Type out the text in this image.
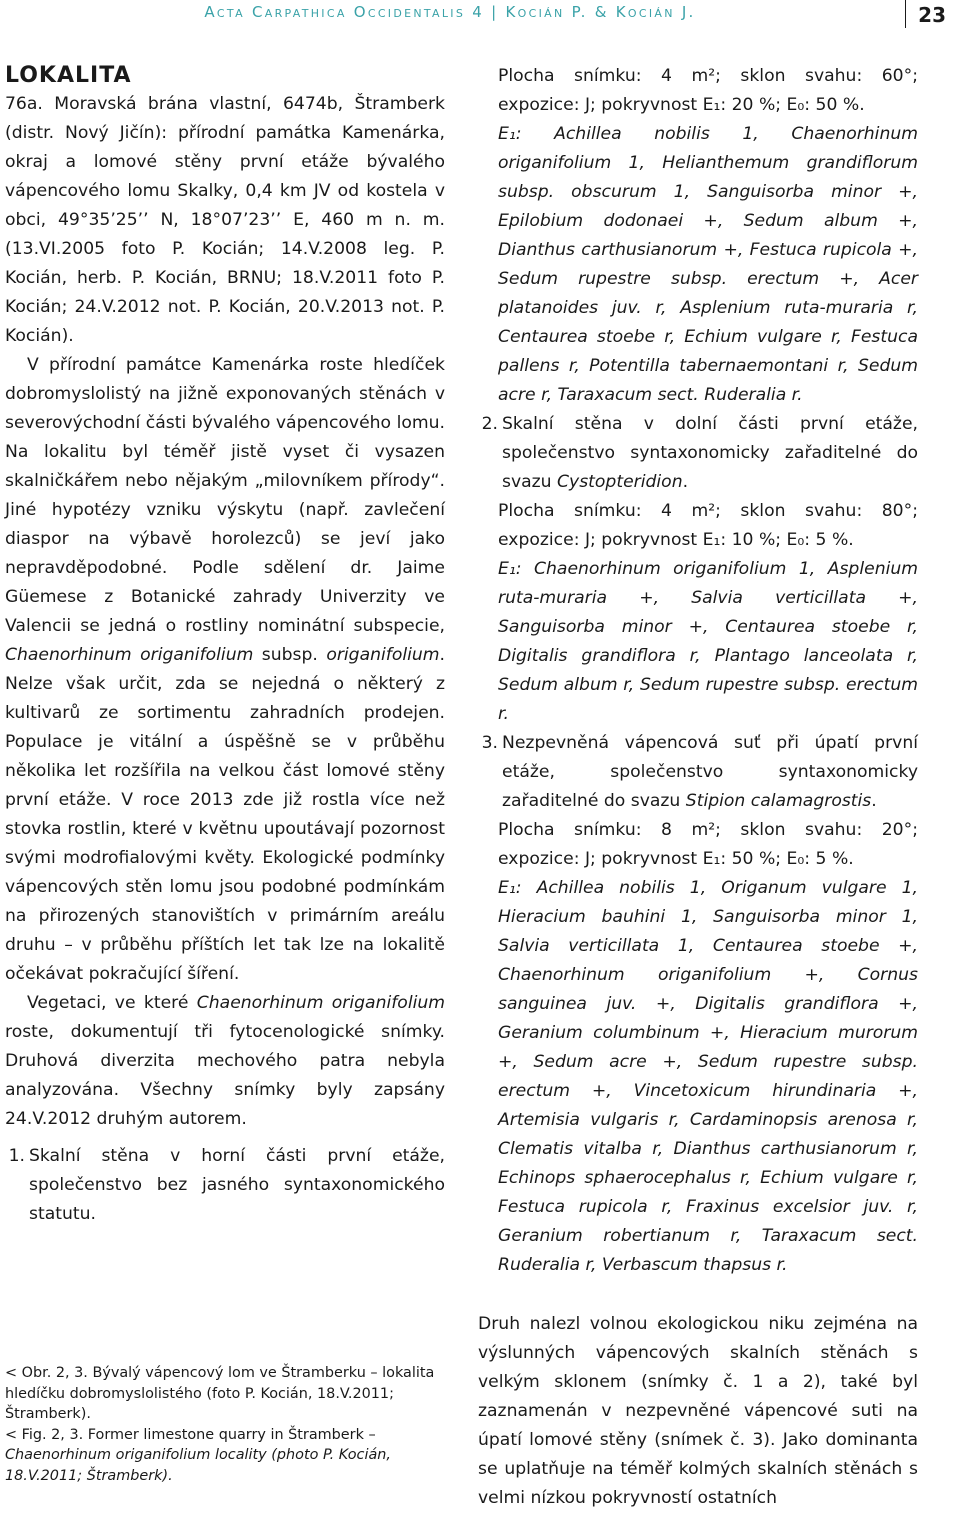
Acta Carpathica Occidentalis 4 | Kocián P. & Kocián J.	23
LOKALITA

76a. Moravská brána vlastní, 6474b, Štramberk (distr. Nový Jičín): přírodní památka Kamenárka, okraj a lomové stěny první etáže bývalého vápencového lomu Skalky, 0,4 km JV od kostela v obci, 49°35’25’’ N, 18°07’23’’ E, 460 m n. m. (13.VI.2005 foto P. Kocián; 14.V.2008 leg. P. Kocián, herb. P. Kocián, BRNU; 18.V.2011 foto P. Kocián; 24.V.2012 not. P. Kocián, 20.V.2013 not. P. Kocián).

V přírodní památce Kamenárka roste hledíček dobromyslolistý na jižně exponovaných stěnách v severovýchodní části bývalého vápencového lomu. Na lokalitu byl téměř jistě vyset či vysazen skalničkářem nebo nějakým „milovníkem přírody“. Jiné hypotézy vzniku výskytu (např. zavlečení diaspor na výbavě horolezců) se jeví jako nepravděpodobné. Podle sdělení dr. Jaime Güemese z Botanické zahrady Univerzity ve Valencii se jedná o rostliny nominátní subspecie, Chaenorhinum origanifolium subsp. origanifolium. Nelze však určit, zda se nejedná o některý z kultivarů ze sortimentu zahradních prodejen. Populace je vitální a úspěšně se v průběhu několika let rozšířila na velkou část lomové stěny první etáže. V roce 2013 zde již rostla více než stovka rostlin, které v květnu upoutávají pozornost svými modrofialovými květy. Ekologické podmínky vápencových stěn lomu jsou podobné podmínkám na přirozených stanovištích v primárním areálu druhu – v průběhu příštích let tak lze na lokalitě očekávat pokračující šíření.

Vegetaci, ve které Chaenorhinum origanifolium roste, dokumentují tři fytocenologické snímky. Druhová diverzita mechového patra nebyla analyzována. Všechny snímky byly zapsány 24.V.2012 druhým autorem.

1. Skalní stěna v horní části první etáže, společenstvo bez jasného syntaxonomického statutu.

< Obr. 2, 3. Bývalý vápencový lom ve Štramberku – lokalita hledíčku dobromyslolistého (foto P. Kocián, 18.V.2011; Štramberk).

< Fig. 2, 3. Former limestone quarry in Štramberk – Chaenorhinum origanifolium locality (photo P. Kocián, 18.V.2011; Štramberk).

Plocha snímku: 4 m²; sklon svahu: 60°; expozice: J; pokryvnost E₁: 20 %; E₀: 50 %.

E₁: Achillea nobilis 1, Chaenorhinum origanifolium 1, Helianthemum grandiflorum subsp. obscurum 1, Sanguisorba minor +, Epilobium dodonaei +, Sedum album +, Dianthus carthusianorum +, Festuca rupicola +, Sedum rupestre subsp. erectum +, Acer platanoides juv. r, Asplenium ruta-muraria r, Centaurea stoebe r, Echium vulgare r, Festuca pallens r, Potentilla tabernaemontani r, Sedum acre r, Taraxacum sect. Ruderalia r.

2. Skalní stěna v dolní části první etáže, společenstvo syntaxonomicky zařaditelné do svazu Cystopteridion.

Plocha snímku: 4 m²; sklon svahu: 80°; expozice: J; pokryvnost E₁: 10 %; E₀: 5 %.

E₁: Chaenorhinum origanifolium 1, Asplenium ruta-muraria +, Salvia verticillata +, Sanguisorba minor +, Centaurea stoebe r, Digitalis grandiflora r, Plantago lanceolata r, Sedum album r, Sedum rupestre subsp. erectum r.

3. Nezpevněná vápencová suť při úpatí první etáže, společenstvo syntaxonomicky zařaditelné do svazu Stipion calamagrostis.

Plocha snímku: 8 m²; sklon svahu: 20°; expozice: J; pokryvnost E₁: 50 %; E₀: 5 %.

E₁: Achillea nobilis 1, Origanum vulgare 1, Hieracium bauhini 1, Sanguisorba minor 1, Salvia verticillata 1, Centaurea stoebe +, Chaenorhinum origanifolium +, Cornus sanguinea juv. +, Digitalis grandiflora +, Geranium columbinum +, Hieracium murorum +, Sedum acre +, Sedum rupestre subsp. erectum +, Vincetoxicum hirundinaria +, Artemisia vulgaris r, Cardaminopsis arenosa r, Clematis vitalba r, Dianthus carthusianorum r, Echinops sphaerocephalus r, Echium vulgare r, Festuca rupicola r, Fraxinus excelsior juv. r, Geranium robertianum r, Taraxacum sect. Ruderalia r, Verbascum thapsus r.

Druh nalezl volnou ekologickou niku zejména na výslunných vápencových skalních stěnách s velkým sklonem (snímky č. 1 a 2), také byl zaznamenán v nezpevněné vápencové suti na úpatí lomové stěny (snímek č. 3). Jako dominanta se uplatňuje na téměř kolmých skalních stěnách s velmi nízkou pokryvností ostatních
